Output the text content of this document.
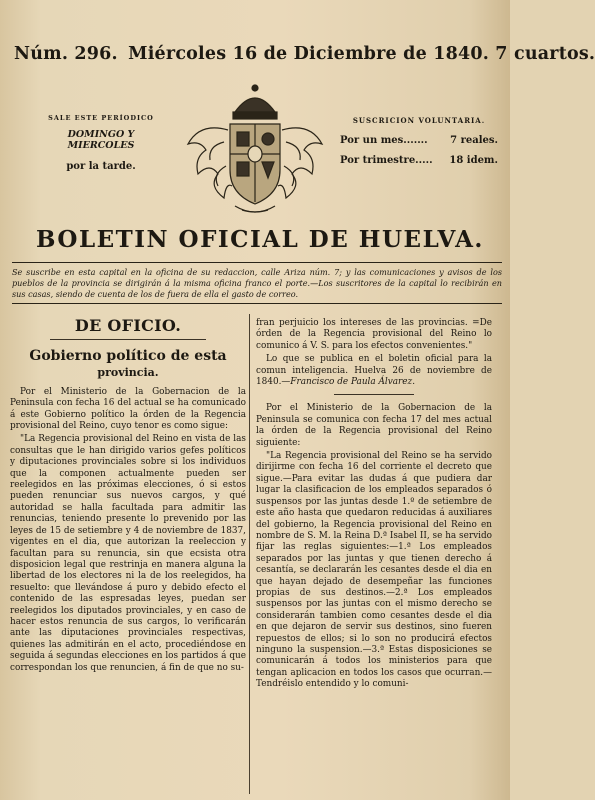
Núm. 296. Miércoles 16 de Diciembre de 1840. 7 cuartos.
SALE ESTE PERÍODICO
DOMINGO Y MIERCOLES
por la tarde.
SUSCRICION VOLUNTARIA.
Por un mes....... 7 reales.
Por trimestre..... 18 idem.
BOLETIN OFICIAL DE HUELVA.
Se suscribe en esta capital en la oficina de su redaccion, calle Ariza núm. 7; y las comunicaciones y avisos de los pueblos de la provincia se dirigirán á la misma oficina franco el porte.—Los suscritores de la capital lo recibirán en sus casas, siendo de cuenta de los de fuera de ella el gasto de correo.
DE OFICIO.
Gobierno político de esta
provincia.

Por el Ministerio de la Gobernacion de la Peninsula con fecha 16 del actual se ha comunicado á este Gobierno político la órden de la Regencia provisional del Reino, cuyo tenor es como sigue:

"La Regencia provisional del Reino en vista de las consultas que le han dirigido varios gefes políticos y diputaciones provinciales sobre si los individuos que la componen actualmente pueden ser reelegidos en las próximas elecciones, ó si estos pueden renunciar sus nuevos cargos, y qué autoridad se halla facultada para admitir las renuncias, teniendo presente lo prevenido por las leyes de 15 de setiembre y 4 de noviembre de 1837, vigentes en el dia, que autorizan la reeleccion y facultan para su renuncia, sin que ecsista otra disposicion legal que restrinja en manera alguna la libertad de los electores ni la de los reelegidos, ha resuelto: que llevándose á puro y debido efecto el contenido de las espresadas leyes, puedan ser reelegidos los diputados provinciales, y en caso de hacer estos renuncia de sus cargos, lo verificarán ante las diputaciones provinciales respectivas, quienes las admitirán en el acto, procediéndose en seguida á segundas elecciones en los partidos á que correspondan los que renuncien, á fin de que no su-

fran perjuicio los intereses de las provincias. =De órden de la Regencia provisional del Reino lo comunico á V. S. para los efectos convenientes."

Lo que se publica en el boletin oficial para la comun inteligencia. Huelva 26 de noviembre de 1840.—Francisco de Paula Álvarez.

Por el Ministerio de la Gobernacion de la Peninsula se comunica con fecha 17 del mes actual la órden de la Regencia provisional del Reino siguiente:

"La Regencia provisional del Reino se ha servido dirijirme con fecha 16 del corriente el decreto que sigue.—Para evitar las dudas á que pudiera dar lugar la clasificacion de los empleados separados ó suspensos por las juntas desde 1.º de setiembre de este año hasta que quedaron reducidas á auxiliares del gobierno, la Regencia provisional del Reino en nombre de S. M. la Reina D.ª Isabel II, se ha servido fijar las reglas siguientes:—1.ª Los empleados separados por las juntas y que tienen derecho á cesantía, se declararán les cesantes desde el dia en que hayan dejado de desempeñar las funciones propias de sus destinos.—2.ª Los empleados suspensos por las juntas con el mismo derecho se considerarán tambien como cesantes desde el dia en que dejaron de servir sus destinos, sino fueren repuestos de ellos; si lo son no producirá efectos ninguno la suspension.—3.ª Estas disposiciones se comunicarán á todos los ministerios para que tengan aplicacion en todos los casos que ocurran.—Tendréislo entendido y lo comuni-
